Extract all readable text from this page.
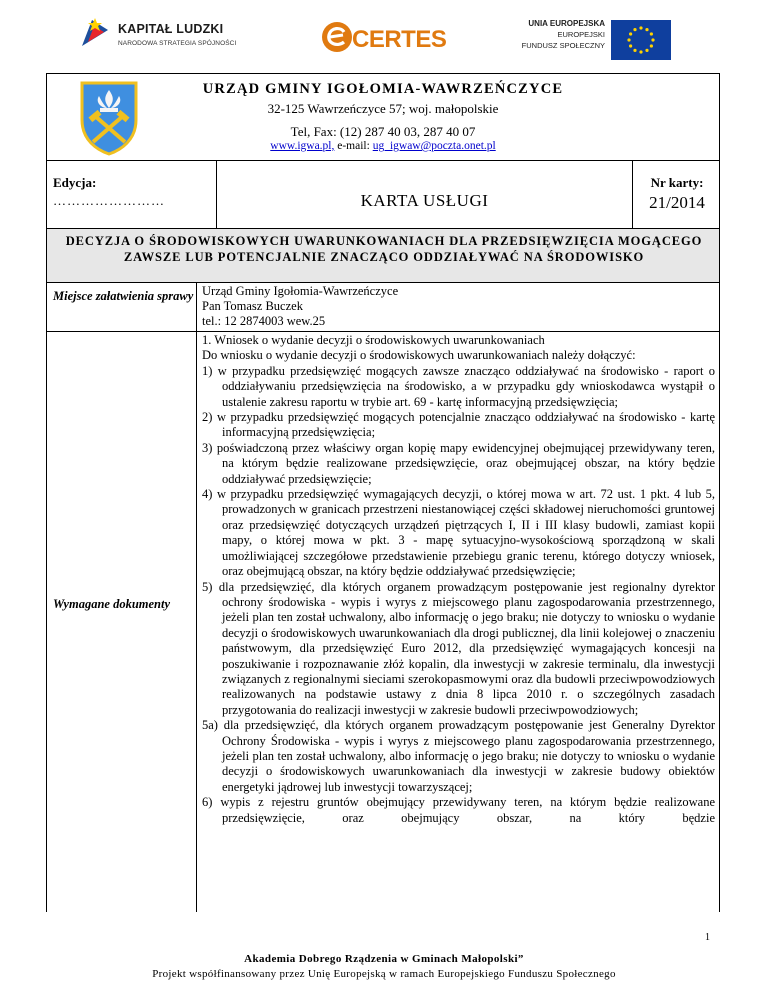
KAPITAŁ LUDZKI
NARODOWA STRATEGIA SPÓJNOŚCI	CERTES
UNIA EUROPEJSKA
EUROPEJSKI
FUNDUSZ SPOŁECZNY
URZĄD GMINY IGOŁOMIA-WAWRZEŃCZYCE
32-125 Wawrzeńczyce 57; woj. małopolskie
Tel, Fax: (12) 287 40 03, 287 40 07
www.igwa.pl, e-mail: ug_igwaw@poczta.onet.pl
Edycja:
……………………	KARTA USŁUGI
Nr karty:
21/2014
DECYZJA O ŚRODOWISKOWYCH UWARUNKOWANIACH DLA PRZEDSIĘWZIĘCIA MOGĄCEGO ZAWSZE LUB POTENCJALNIE ZNACZĄCO ODDZIAŁYWAĆ NA ŚRODOWISKO
Miejsce załatwienia sprawy Urząd Gminy Igołomia-Wawrzeńczyce
Pan Tomasz Buczek
tel.: 12 2874003 wew.25
Wymagane dokumenty

1. Wniosek o wydanie decyzji o środowiskowych uwarunkowaniach

Do wniosku o wydanie decyzji o środowiskowych uwarunkowaniach należy dołączyć:

1) w przypadku przedsięwzięć mogących zawsze znacząco oddziaływać na środowisko - raport o oddziaływaniu przedsięwzięcia na środowisko, a w przypadku gdy wnioskodawca wystąpił o ustalenie zakresu raportu w trybie art. 69 - kartę informacyjną przedsięwzięcia;

2) w przypadku przedsięwzięć mogących potencjalnie znacząco oddziaływać na środowisko - kartę informacyjną przedsięwzięcia;

3) poświadczoną przez właściwy organ kopię mapy ewidencyjnej obejmującej przewidywany teren, na którym będzie realizowane przedsięwzięcie, oraz obejmującej obszar, na który będzie oddziaływać przedsięwzięcie;

4) w przypadku przedsięwzięć wymagających decyzji, o której mowa w art. 72 ust. 1 pkt. 4 lub 5, prowadzonych w granicach przestrzeni niestanowiącej części składowej nieruchomości gruntowej oraz przedsięwzięć dotyczących urządzeń piętrzących I, II i III klasy budowli, zamiast kopii mapy, o której mowa w pkt. 3 - mapę sytuacyjno-wysokościową sporządzoną w skali umożliwiającej szczegółowe przedstawienie przebiegu granic terenu, którego dotyczy wniosek, oraz obejmującą obszar, na który będzie oddziaływać przedsięwzięcie;

5) dla przedsięwzięć, dla których organem prowadzącym postępowanie jest regionalny dyrektor ochrony środowiska - wypis i wyrys z miejscowego planu zagospodarowania przestrzennego, jeżeli plan ten został uchwalony, albo informację o jego braku; nie dotyczy to wniosku o wydanie decyzji o środowiskowych uwarunkowaniach dla drogi publicznej, dla linii kolejowej o znaczeniu państwowym, dla przedsięwzięć Euro 2012, dla przedsięwzięć wymagających koncesji na poszukiwanie i rozpoznawanie złóż kopalin, dla inwestycji w zakresie terminalu, dla inwestycji związanych z regionalnymi sieciami szerokopasmowymi oraz dla budowli przeciwpowodziowych realizowanych na podstawie ustawy z dnia 8 lipca 2010 r. o szczególnych zasadach przygotowania do realizacji inwestycji w zakresie budowli przeciwpowodziowych;

5a) dla przedsięwzięć, dla których organem prowadzącym postępowanie jest Generalny Dyrektor Ochrony Środowiska - wypis i wyrys z miejscowego planu zagospodarowania przestrzennego, jeżeli plan ten został uchwalony, albo informację o jego braku; nie dotyczy to wniosku o wydanie decyzji o środowiskowych uwarunkowaniach dla inwestycji w zakresie budowy obiektów energetyki jądrowej lub inwestycji towarzyszącej;

6) wypis z rejestru gruntów obejmujący przewidywany teren, na którym będzie realizowane przedsięwzięcie, oraz obejmujący obszar, na który będzie

1
Akademia Dobrego Rządzenia w Gminach Małopolski”
Projekt współfinansowany przez Unię Europejską w ramach Europejskiego Funduszu Społecznego
